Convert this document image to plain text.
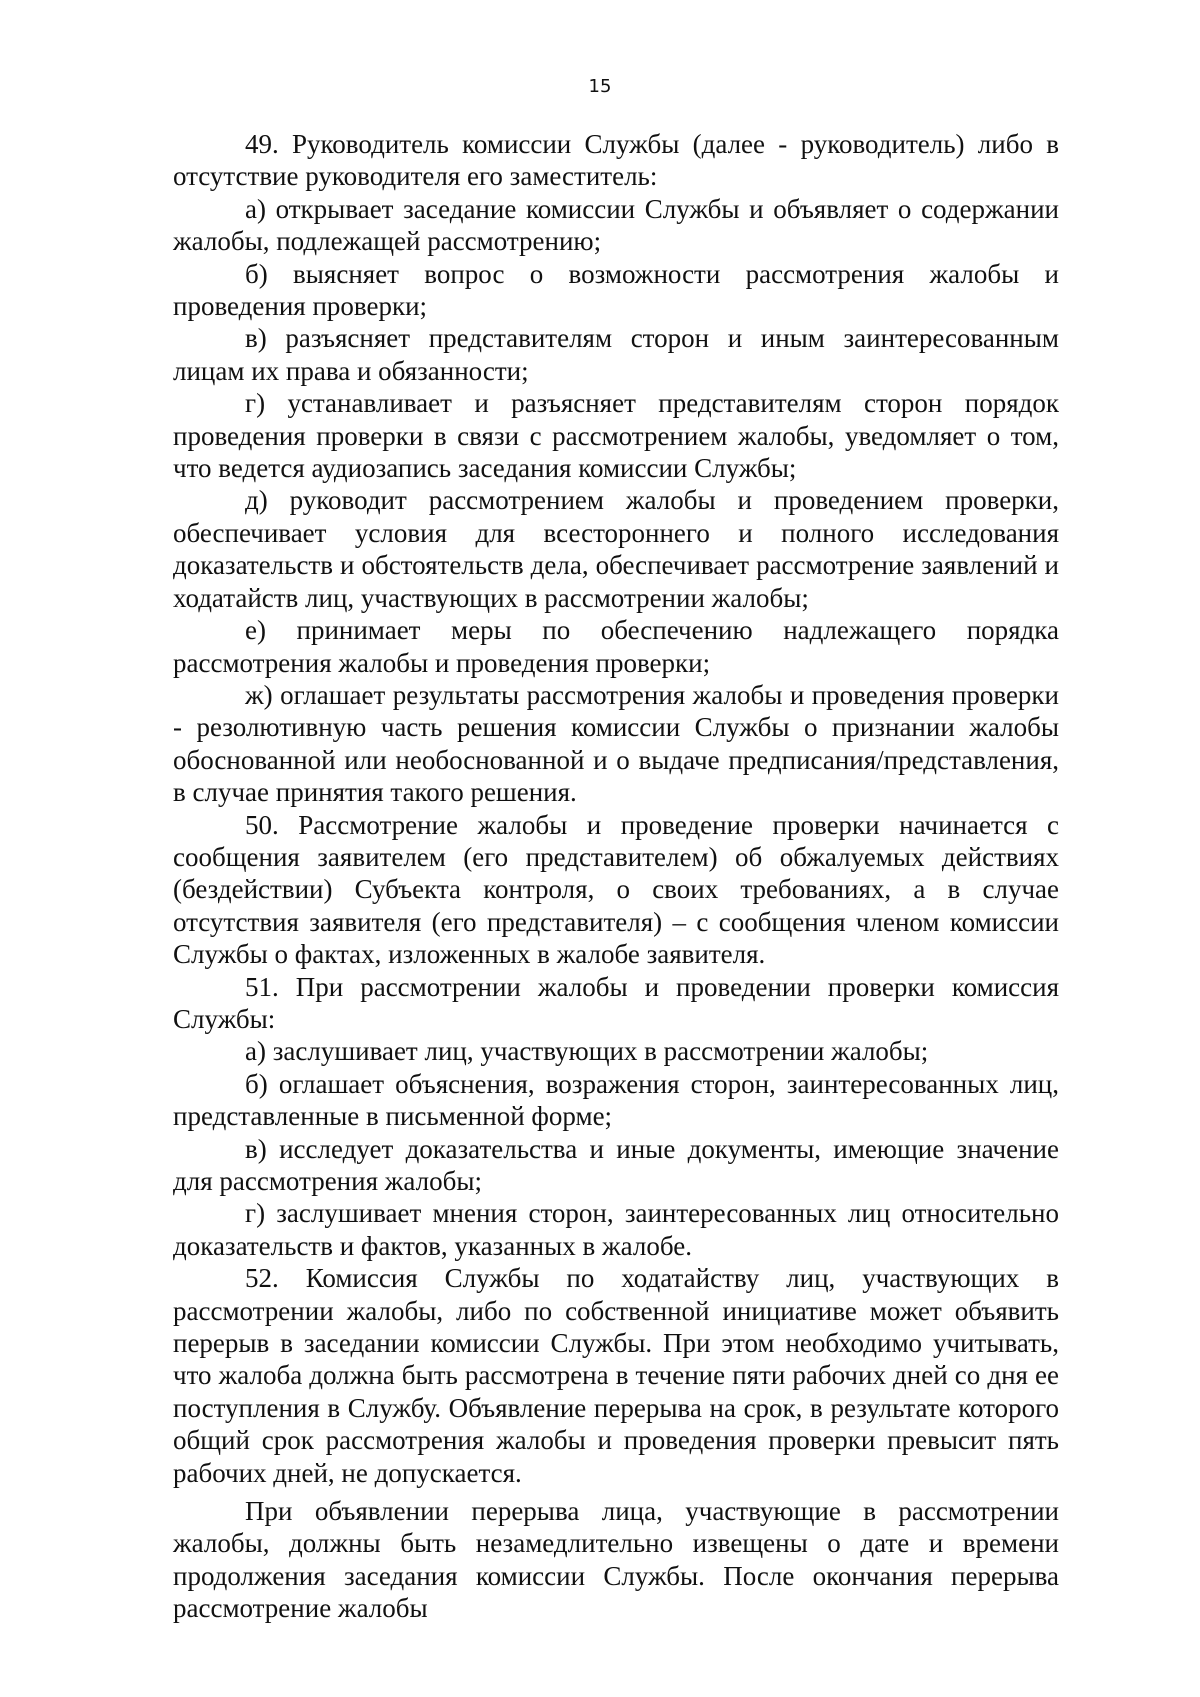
15

49. Руководитель комиссии Службы (далее - руководитель) либо в отсутствие руководителя его заместитель:

а) открывает заседание комиссии Службы и объявляет о содержании жалобы, подлежащей рассмотрению;

б) выясняет вопрос о возможности рассмотрения жалобы и проведения проверки;

в) разъясняет представителям сторон и иным заинтересованным лицам их права и обязанности;

г) устанавливает и разъясняет представителям сторон порядок проведения проверки в связи с рассмотрением жалобы, уведомляет о том, что ведется аудиозапись заседания комиссии Службы;

д) руководит рассмотрением жалобы и проведением проверки, обеспечивает условия для всестороннего и полного исследования доказательств и обстоятельств дела, обеспечивает рассмотрение заявлений и ходатайств лиц, участвующих в рассмотрении жалобы;

е) принимает меры по обеспечению надлежащего порядка рассмотрения жалобы и проведения проверки;

ж) оглашает результаты рассмотрения жалобы и проведения проверки - резолютивную часть решения комиссии Службы о признании жалобы обоснованной или необоснованной и о выдаче предписания/представления, в случае принятия такого решения.

50. Рассмотрение жалобы и проведение проверки начинается с сообщения заявителем (его представителем) об обжалуемых действиях (бездействии) Субъекта контроля, о своих требованиях, а в случае отсутствия заявителя (его представителя) – с сообщения членом комиссии Службы о фактах, изложенных в жалобе заявителя.

51. При рассмотрении жалобы и проведении проверки комиссия Службы:

а) заслушивает лиц, участвующих в рассмотрении жалобы;

б) оглашает объяснения, возражения сторон, заинтересованных лиц, представленные в письменной форме;

в) исследует доказательства и иные документы, имеющие значение для рассмотрения жалобы;

г) заслушивает мнения сторон, заинтересованных лиц относительно доказательств и фактов, указанных в жалобе.

52. Комиссия Службы по ходатайству лиц, участвующих в рассмотрении жалобы, либо по собственной инициативе может объявить перерыв в заседании комиссии Службы. При этом необходимо учитывать, что жалоба должна быть рассмотрена в течение пяти рабочих дней со дня ее поступления в Службу. Объявление перерыва на срок, в результате которого общий срок рассмотрения жалобы и проведения проверки превысит пять рабочих дней, не допускается.

При объявлении перерыва лица, участвующие в рассмотрении жалобы, должны быть незамедлительно извещены о дате и времени продолжения заседания комиссии Службы. После окончания перерыва рассмотрение жалобы
